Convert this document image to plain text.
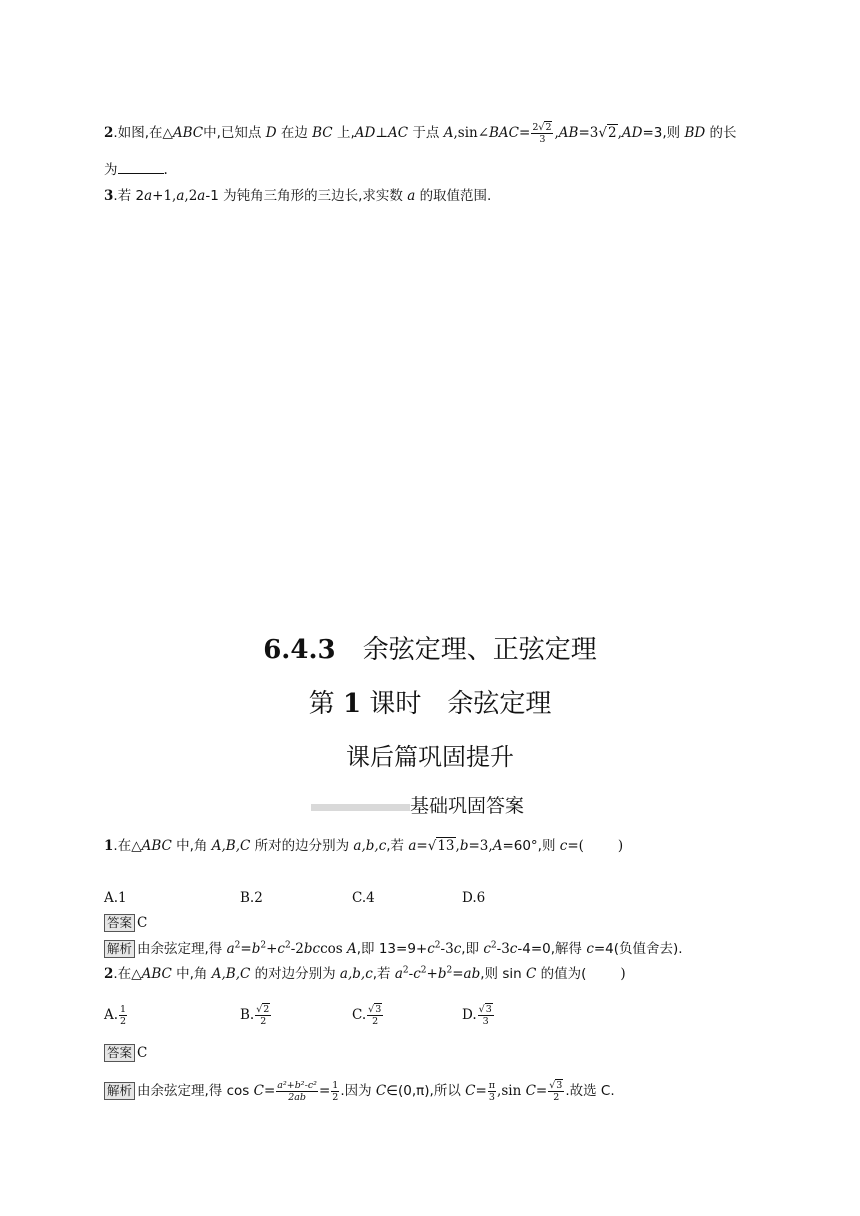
2.如图,在△ABC中,已知点 D 在边 BC 上,AD⊥AC 于点 A,sin∠BAC= $\frac{2√2}{3} ,AB=3√2,AD=3$,则 BD 的长
为	.
3.若 2a+1,a,2a-1 为钝角三角形的三边长,求实数 a 的取值范围.
6.4.3 余弦定理、正弦定理
第 1 课时　余弦定理
课后篇巩固提升
基础巩固答案
1.在△ABC 中,角 A,B,C 所对的边分别为 a,b,c,若 a=√13,b=3,A=60°,则 c=(	)
A.1	B.2	C.4	D.6
答案 C
解析 由余弦定理,得 $a^2=b^2+c^2-2bccos$ A,即 $13=9+c^2-3c$,即 $c^2-3c-4=0$,解得 c=4(负值舍去).
2.在△ABC 中,角 A,B,C 的对边分别为 a,b,c,若 $a^2-c^2+b^2=ab$,则 sin C 的值为(	)
A. $\frac{1}{2}$	B. $\frac{√2}{2}$	C. $\frac{√3}{2}$	D. $\frac{√3}{3}$
答案 C
解析 由余弦定理,得 $\cos C= \frac{\text{a²+b²-c²}}{2ab} = \frac{1}{2}$ .因为 C∈(0,π),所以 $C= \frac{\pi}{3} ,\sin$ $C= \frac{√3}{2}$ .故选 C.
